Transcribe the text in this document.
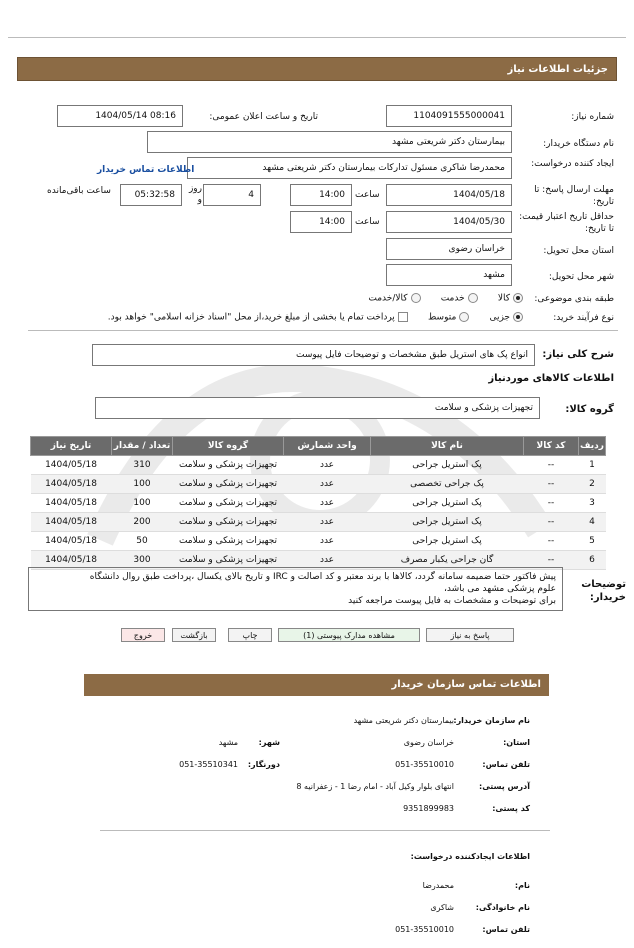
جزئیات اطلاعات نیاز
شماره نیاز:
1104091555000041
تاریخ و ساعت اعلان عمومی:
1404/05/14 08:16
نام دستگاه خریدار:
بیمارستان دکتر شریعتی مشهد
ایجاد کننده درخواست:
محمدرضا شاکری مسئول تدارکات بیمارستان دکتر شریعتی مشهد
اطلاعات تماس خریدار
مهلت ارسال پاسخ: تا تاریخ:
1404/05/18
ساعت
14:00
4
روز و
05:32:58
ساعت باقی‌مانده
حداقل تاریخ اعتبار قیمت: تا تاریخ:
1404/05/30
ساعت
14:00
استان محل تحویل:
خراسان رضوی
شهر محل تحویل:
مشهد
طبقه بندی موضوعی:
کالا      خدمت      کالا/خدمت
نوع فرآیند خرید:
جزیی      متوسط      پرداخت تمام یا بخشی از مبلغ خرید،از محل "اسناد خزانه اسلامی" خواهد بود.
شرح کلی نیاز:
انواع پک های استریل طبق مشخصات و توضیحات فایل پیوست
اطلاعات کالاهای موردنیاز
گروه کالا:
تجهیزات پزشکی و سلامت
ردیف	کد کالا	نام کالا	واحد شمارش	گروه کالا	تعداد / مقدار	تاریخ نیاز
1	--	پک استریل جراحی	عدد	تجهیزات پزشکی و سلامت	310	1404/05/18
2	--	پک جراحی تخصصی	عدد	تجهیزات پزشکی و سلامت	100	1404/05/18
3	--	پک استریل جراحی	عدد	تجهیزات پزشکی و سلامت	100	1404/05/18
4	--	پک استریل جراحی	عدد	تجهیزات پزشکی و سلامت	200	1404/05/18
5	--	پک استریل جراحی	عدد	تجهیزات پزشکی و سلامت	50	1404/05/18
6	--	گان جراحی یکبار مصرف	عدد	تجهیزات پزشکی و سلامت	300	1404/05/18
توضیحات خریدار:
پیش فاکتور حتما ضمیمه سامانه گردد، کالاها با برند معتبر و کد اصالت و IRC و تاریخ بالای یکسال ،پرداخت طبق روال دانشگاه
علوم پزشکی مشهد می باشد،
برای توضیحات و مشخصات به فایل پیوست مراجعه کنید
پاسخ به نیاز
مشاهده مدارک پیوستی (1)
چاپ
بازگشت
خروج
اطلاعات تماس سازمان خریدار
نام سازمان خریدار:
بیمارستان دکتر شریعتی مشهد
استان:
خراسان رضوی
شهر:
مشهد
تلفن تماس:
051-35510010
دورنگار:
051-35510341
آدرس پستی:
انتهای بلوار وکیل آباد - امام رضا 1 - زعفرانیه 8
کد پستی:
9351899983
اطلاعات ایجادکننده درخواست:
نام:
محمدرضا
نام خانوادگی:
شاکری
تلفن تماس:
051-35510010
